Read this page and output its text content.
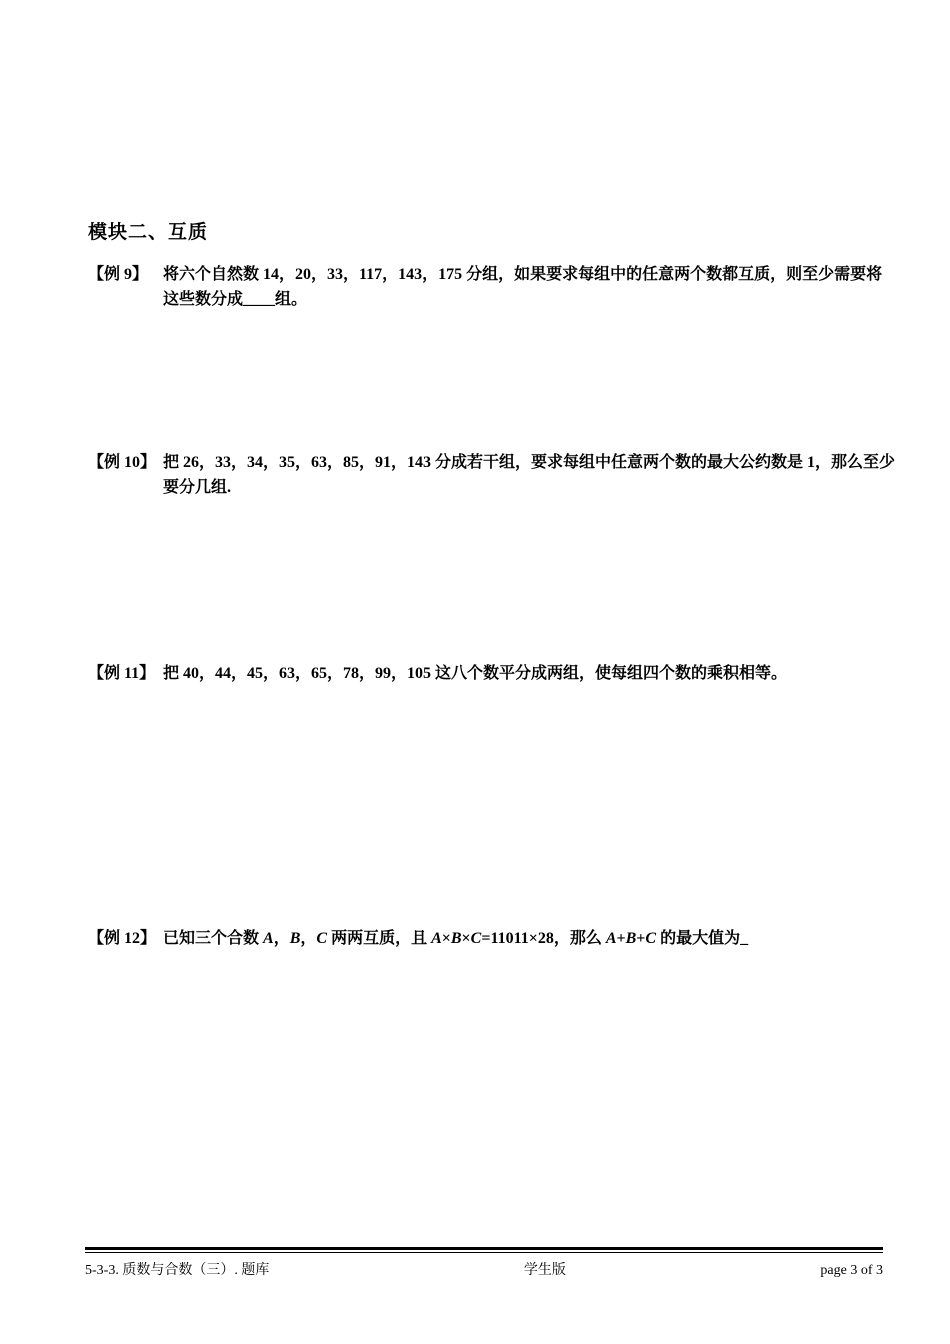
模块二、互质
【例 9】 将六个自然数 14，20，33，117，143，175 分组，如果要求每组中的任意两个数都互质，则至少需要将
这些数分成____组。
【例 10】 把 26，33，34，35，63，85，91，143 分成若干组，要求每组中任意两个数的最大公约数是 1，那么至少
要分几组.
【例 11】 把 40，44，45，63，65，78，99，105 这八个数平分成两组，使每组四个数的乘积相等。
【例 12】 已知三个合数 A，B，C 两两互质，且 A×B×C=11011×28，那么 A+B+C 的最大值为_
5-3-3. 质数与合数（三）. 题库	学生版	page 3 of 3
